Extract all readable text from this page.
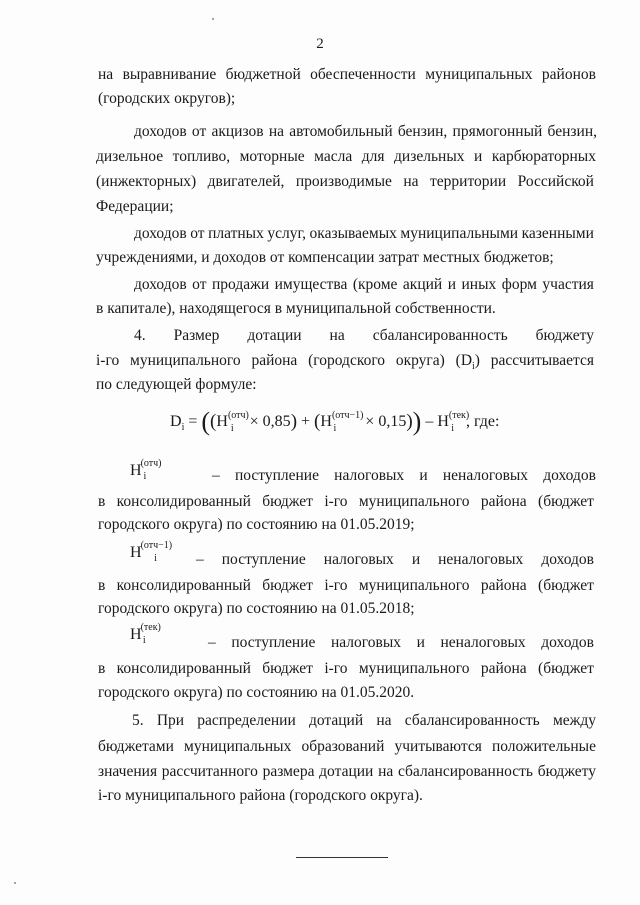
2
на выравнивание бюджетной обеспеченности муниципальных районов
(городских округов);
доходов от акцизов на автомобильный бензин, прямогонный бензин,
дизельное топливо, моторные масла для дизельных и карбюраторных
(инжекторных) двигателей, производимые на территории Российской
Федерации;
доходов от платных услуг, оказываемых муниципальными казенными
учреждениями, и доходов от компенсации затрат местных бюджетов;
доходов от продажи имущества (кроме акций и иных форм участия
в капитале), находящегося в муниципальной собственности.
4. Размер дотации на сбалансированность бюджету
i-го муниципального района (городского округа) $(D_i)$ рассчитывается
по следующей формуле:
$D_i = ((H^{(отч)}_i \times 0,85) + (H^{(отч-1)}_i \times 0,15)) - H^{(тек)}_i$ , где:
$H^{(отч)}_i$	– поступление налоговых и неналоговых доходов
в консолидированный бюджет i-го муниципального района (бюджет
городского округа) по состоянию на 01.05.2019;
$H^{(отч-1)}_i$	– поступление налоговых и неналоговых доходов
в консолидированный бюджет i-го муниципального района (бюджет
городского округа) по состоянию на 01.05.2018;
$H^{(тек)}_i$	– поступление налоговых и неналоговых доходов
в консолидированный бюджет i-го муниципального района (бюджет
городского округа) по состоянию на 01.05.2020.
5. При распределении дотаций на сбалансированность между
бюджетами муниципальных образований учитываются положительные
значения рассчитанного размера дотации на сбалансированность бюджету
i-го муниципального района (городского округа).
